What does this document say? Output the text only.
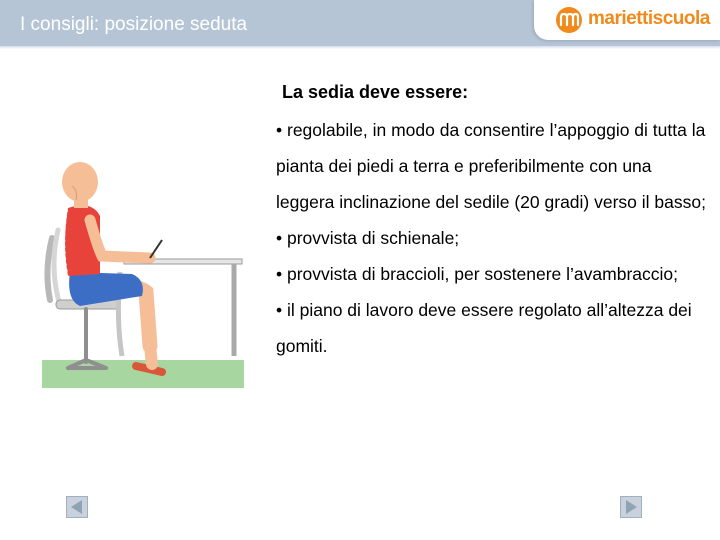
I consigli: posizione seduta	mariettiscuola
La sedia deve essere:
• regolabile, in modo da consentire l’appoggio di tutta la pianta dei piedi a terra e preferibilmente con una leggera inclinazione del sedile (20 gradi) verso il basso;
• provvista di schienale;
• provvista di braccioli, per sostenere l’avambraccio;
• il piano di lavoro deve essere regolato all’altezza dei gomiti.
